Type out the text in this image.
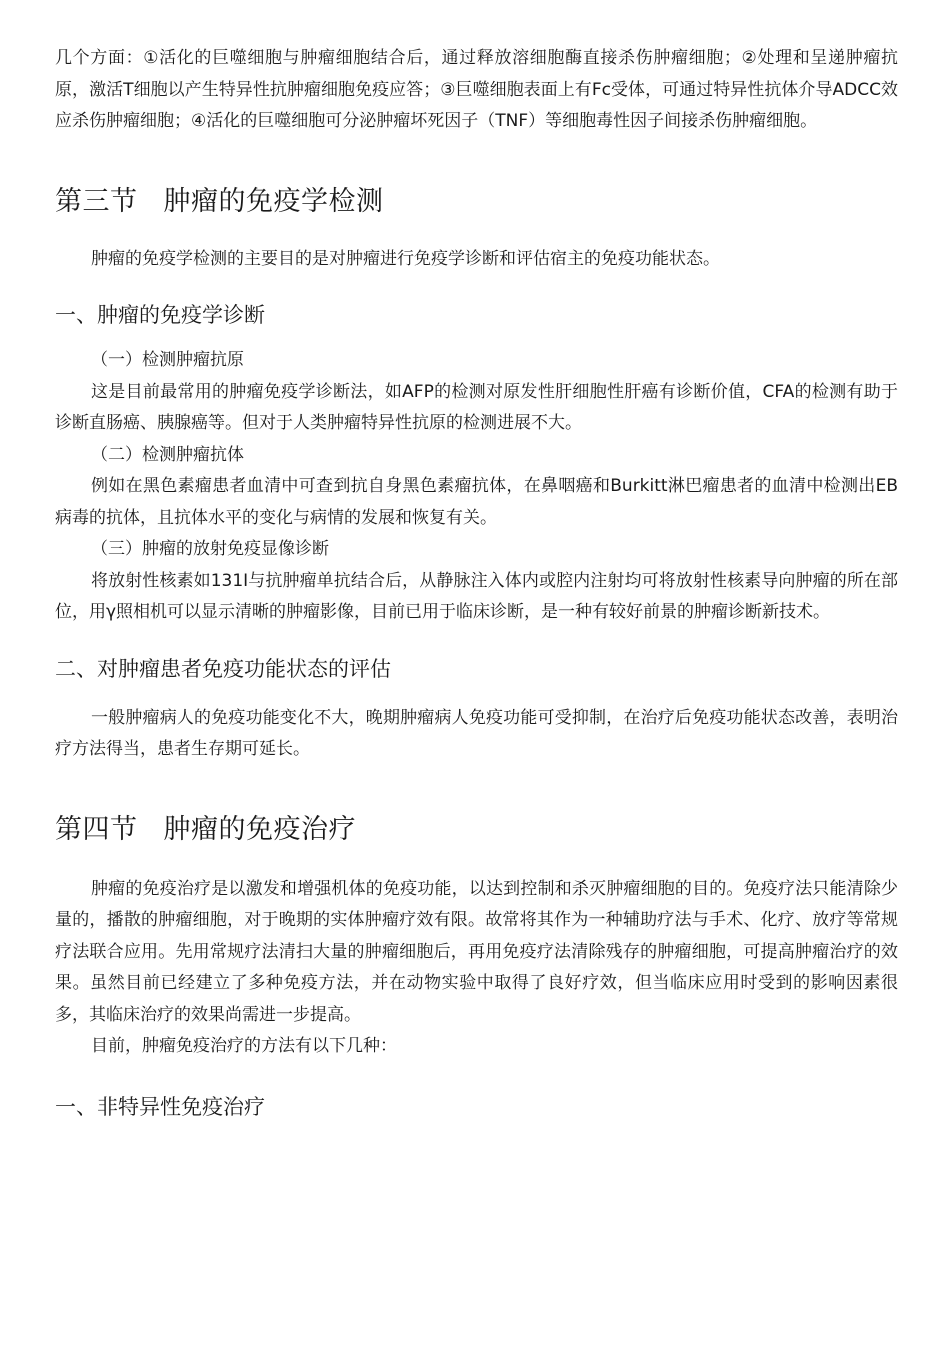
几个方面：①活化的巨噬细胞与肿瘤细胞结合后，通过释放溶细胞酶直接杀伤肿瘤细胞；②处理和呈递肿瘤抗原，激活T细胞以产生特异性抗肿瘤细胞免疫应答；③巨噬细胞表面上有Fc受体，可通过特异性抗体介导ADCC效应杀伤肿瘤细胞；④活化的巨噬细胞可分泌肿瘤坏死因子（TNF）等细胞毒性因子间接杀伤肿瘤细胞。

第三节 肿瘤的免疫学检测

肿瘤的免疫学检测的主要目的是对肿瘤进行免疫学诊断和评估宿主的免疫功能状态。

一、肿瘤的免疫学诊断

（一）检测肿瘤抗原

这是目前最常用的肿瘤免疫学诊断法，如AFP的检测对原发性肝细胞性肝癌有诊断价值，CFA的检测有助于诊断直肠癌、胰腺癌等。但对于人类肿瘤特异性抗原的检测进展不大。

（二）检测肿瘤抗体

例如在黑色素瘤患者血清中可查到抗自身黑色素瘤抗体，在鼻咽癌和Burkitt淋巴瘤患者的血清中检测出EB病毒的抗体，且抗体水平的变化与病情的发展和恢复有关。

（三）肿瘤的放射免疫显像诊断

将放射性核素如131I与抗肿瘤单抗结合后，从静脉注入体内或腔内注射均可将放射性核素导向肿瘤的所在部位，用γ照相机可以显示清晰的肿瘤影像，目前已用于临床诊断，是一种有较好前景的肿瘤诊断新技术。

二、对肿瘤患者免疫功能状态的评估

一般肿瘤病人的免疫功能变化不大，晚期肿瘤病人免疫功能可受抑制，在治疗后免疫功能状态改善，表明治疗方法得当，患者生存期可延长。

第四节 肿瘤的免疫治疗

肿瘤的免疫治疗是以激发和增强机体的免疫功能，以达到控制和杀灭肿瘤细胞的目的。免疫疗法只能清除少量的，播散的肿瘤细胞，对于晚期的实体肿瘤疗效有限。故常将其作为一种辅助疗法与手术、化疗、放疗等常规疗法联合应用。先用常规疗法清扫大量的肿瘤细胞后，再用免疫疗法清除残存的肿瘤细胞，可提高肿瘤治疗的效果。虽然目前已经建立了多种免疫方法，并在动物实验中取得了良好疗效，但当临床应用时受到的影响因素很多，其临床治疗的效果尚需进一步提高。

目前，肿瘤免疫治疗的方法有以下几种：

一、非特异性免疫治疗
